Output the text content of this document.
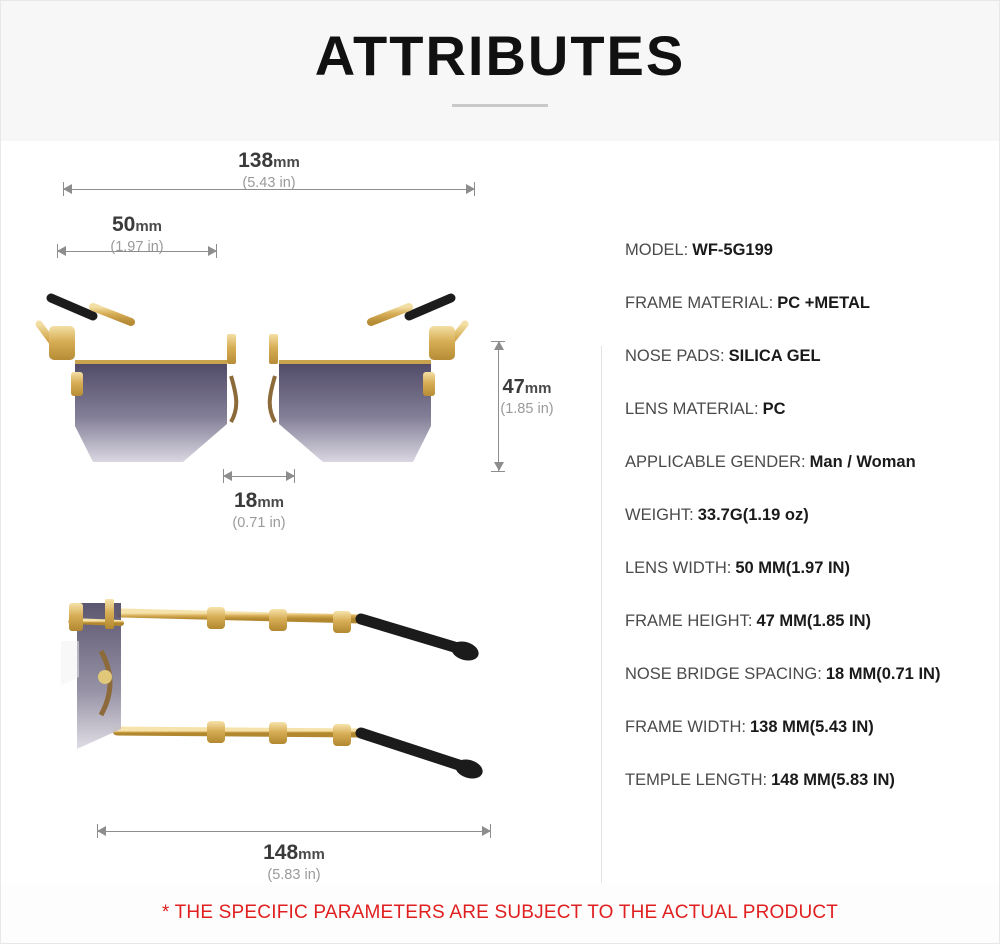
ATTRIBUTES
138mm
(5.43 in)
50mm
(1.97 in)
47mm
(1.85 in)
18mm
(0.71 in)
148mm
(5.83 in)
MODEL: WF-5G199
FRAME MATERIAL: PC +METAL
NOSE PADS: SILICA GEL
LENS MATERIAL: PC
APPLICABLE GENDER: Man / Woman
WEIGHT: 33.7G(1.19 oz)
LENS WIDTH: 50 MM(1.97 IN)
FRAME HEIGHT: 47 MM(1.85 IN)
NOSE BRIDGE SPACING: 18 MM(0.71 IN)
FRAME WIDTH: 138 MM(5.43 IN)
TEMPLE LENGTH: 148 MM(5.83 IN)
* THE SPECIFIC PARAMETERS ARE SUBJECT TO THE ACTUAL PRODUCT
